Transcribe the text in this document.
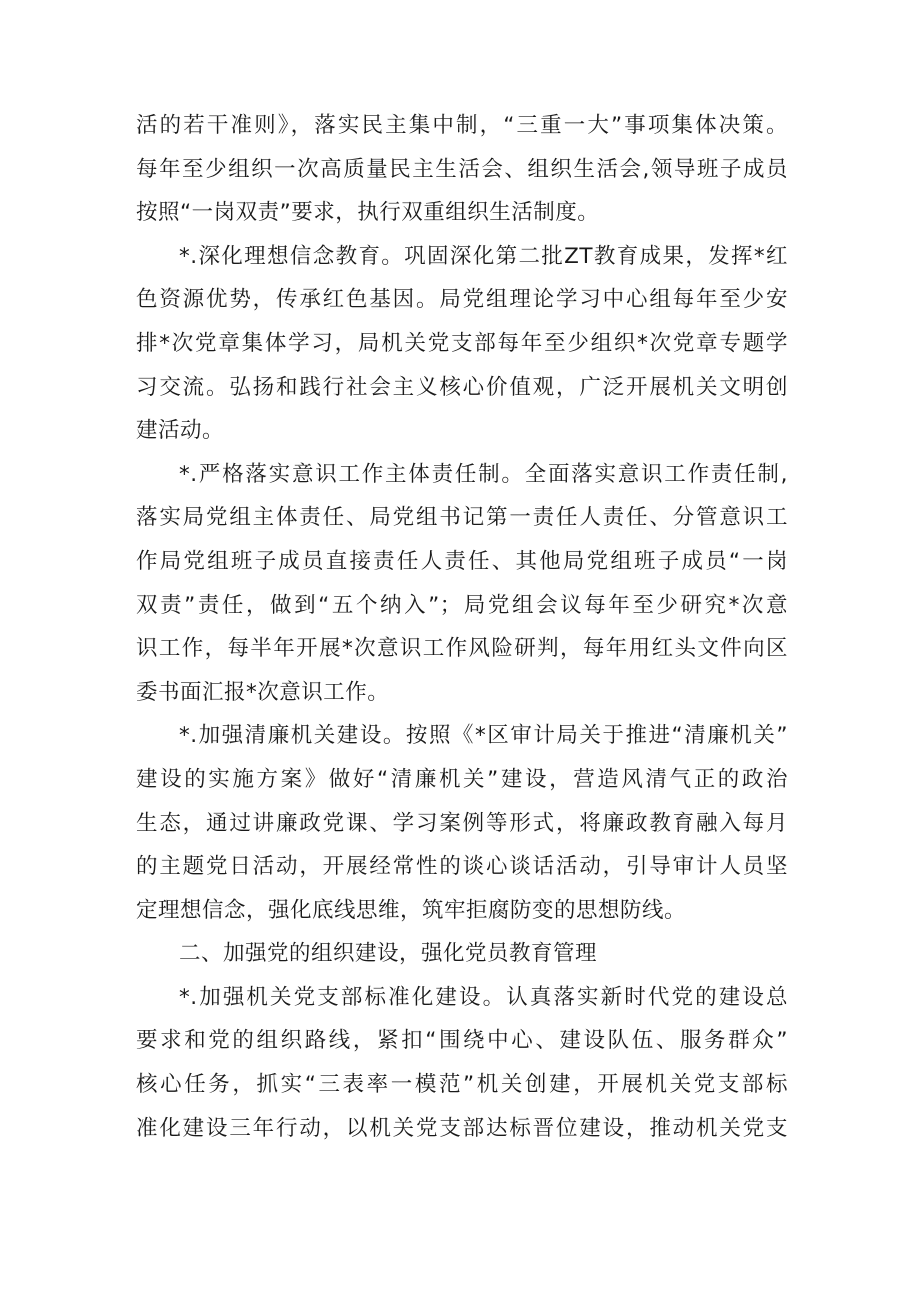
活的若干准则》，落实民主集中制，“三重一大”事项集体决策。
每年至少组织一次高质量民主生活会、组织生活会,领导班子成员
按照“一岗双责”要求，执行双重组织生活制度。
*.深化理想信念教育。巩固深化第二批ZT教育成果，发挥*红
色资源优势，传承红色基因。局党组理论学习中心组每年至少安
排*次党章集体学习，局机关党支部每年至少组织*次党章专题学
习交流。弘扬和践行社会主义核心价值观，广泛开展机关文明创
建活动。
*.严格落实意识工作主体责任制。全面落实意识工作责任制,
落实局党组主体责任、局党组书记第一责任人责任、分管意识工
作局党组班子成员直接责任人责任、其他局党组班子成员“一岗
双责”责任，做到“五个纳入”；局党组会议每年至少研究*次意
识工作，每半年开展*次意识工作风险研判，每年用红头文件向区
委书面汇报*次意识工作。
*.加强清廉机关建设。按照《*区审计局关于推进“清廉机关”
建设的实施方案》做好“清廉机关”建设，营造风清气正的政治
生态，通过讲廉政党课、学习案例等形式，将廉政教育融入每月
的主题党日活动，开展经常性的谈心谈话活动，引导审计人员坚
定理想信念，强化底线思维，筑牢拒腐防变的思想防线。
二、加强党的组织建设，强化党员教育管理
*.加强机关党支部标准化建设。认真落实新时代党的建设总
要求和党的组织路线，紧扣“围绕中心、建设队伍、服务群众”
核心任务，抓实“三表率一模范”机关创建，开展机关党支部标
准化建设三年行动，以机关党支部达标晋位建设，推动机关党支
